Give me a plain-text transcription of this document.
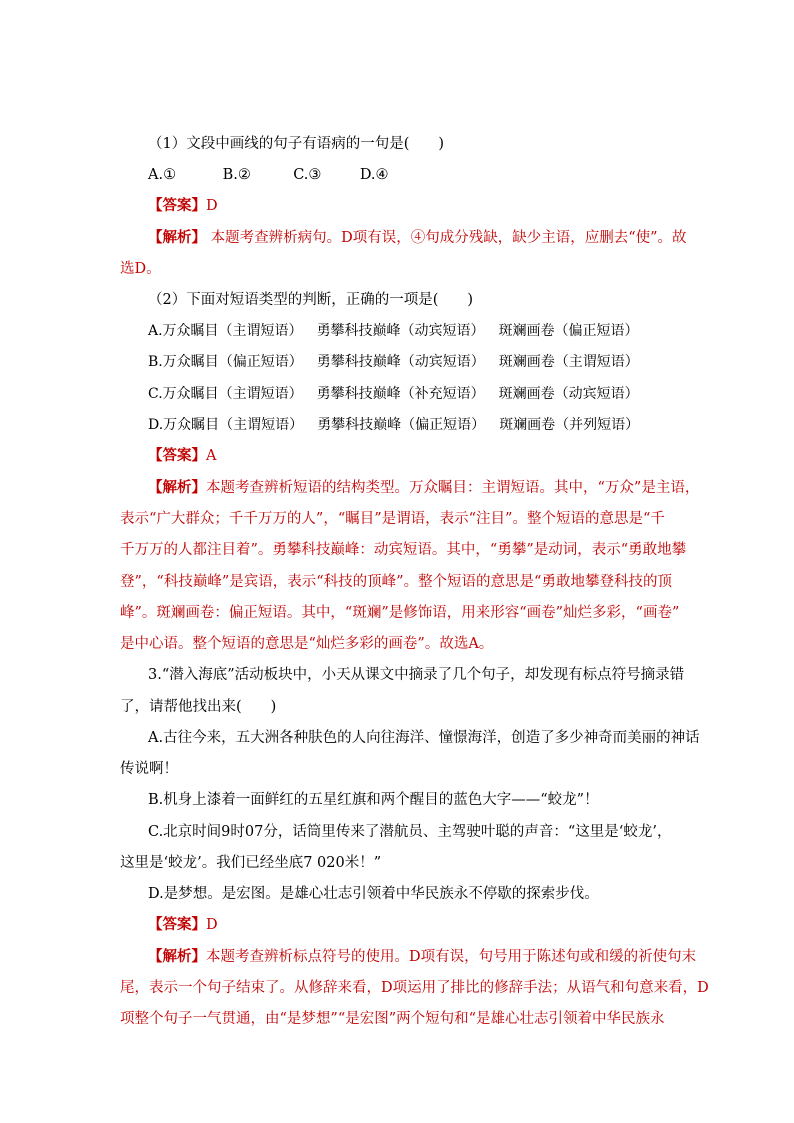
（1）文段中画线的句子有语病的一句是(　　)
A.①	B.②	C.③	D.④
【答案】D
【解析】 本题考查辨析病句。D项有误，④句成分残缺，缺少主语，应删去“使”。故
选D。
（2）下面对短语类型的判断，正确的一项是(　　)
A.万众瞩目（主谓短语） 勇攀科技巅峰（动宾短语） 斑斓画卷（偏正短语）
B.万众瞩目（偏正短语） 勇攀科技巅峰（动宾短语） 斑斓画卷（主谓短语）
C.万众瞩目（主谓短语） 勇攀科技巅峰（补充短语） 斑斓画卷（动宾短语）
D.万众瞩目（主谓短语） 勇攀科技巅峰（偏正短语） 斑斓画卷（并列短语）
【答案】A
【解析】本题考查辨析短语的结构类型。万众瞩目：主谓短语。其中，“万众”是主语，
表示“广大群众；千千万万的人”，“瞩目”是谓语，表示“注目”。整个短语的意思是“千
千万万的人都注目着”。勇攀科技巅峰：动宾短语。其中，“勇攀”是动词，表示“勇敢地攀
登”，“科技巅峰”是宾语，表示“科技的顶峰”。整个短语的意思是“勇敢地攀登科技的顶
峰”。斑斓画卷：偏正短语。其中，“斑斓”是修饰语，用来形容“画卷”灿烂多彩，“画卷”
是中心语。整个短语的意思是“灿烂多彩的画卷”。故选A。
3.“潜入海底”活动板块中，小天从课文中摘录了几个句子，却发现有标点符号摘录错
了，请帮他找出来(　　)
A.古往今来，五大洲各种肤色的人向往海洋、憧憬海洋，创造了多少神奇而美丽的神话
传说啊！
B.机身上漆着一面鲜红的五星红旗和两个醒目的蓝色大字——“蛟龙”！
C.北京时间9时07分，话筒里传来了潜航员、主驾驶叶聪的声音：“这里是‘蛟龙’，
这里是‘蛟龙’。我们已经坐底7 020米！”
D.是梦想。是宏图。是雄心壮志引领着中华民族永不停歇的探索步伐。
【答案】D
【解析】本题考查辨析标点符号的使用。D项有误，句号用于陈述句或和缓的祈使句末
尾，表示一个句子结束了。从修辞来看，D项运用了排比的修辞手法；从语气和句意来看，D
项整个句子一气贯通，由“是梦想”“是宏图”两个短句和“是雄心壮志引领着中华民族永
